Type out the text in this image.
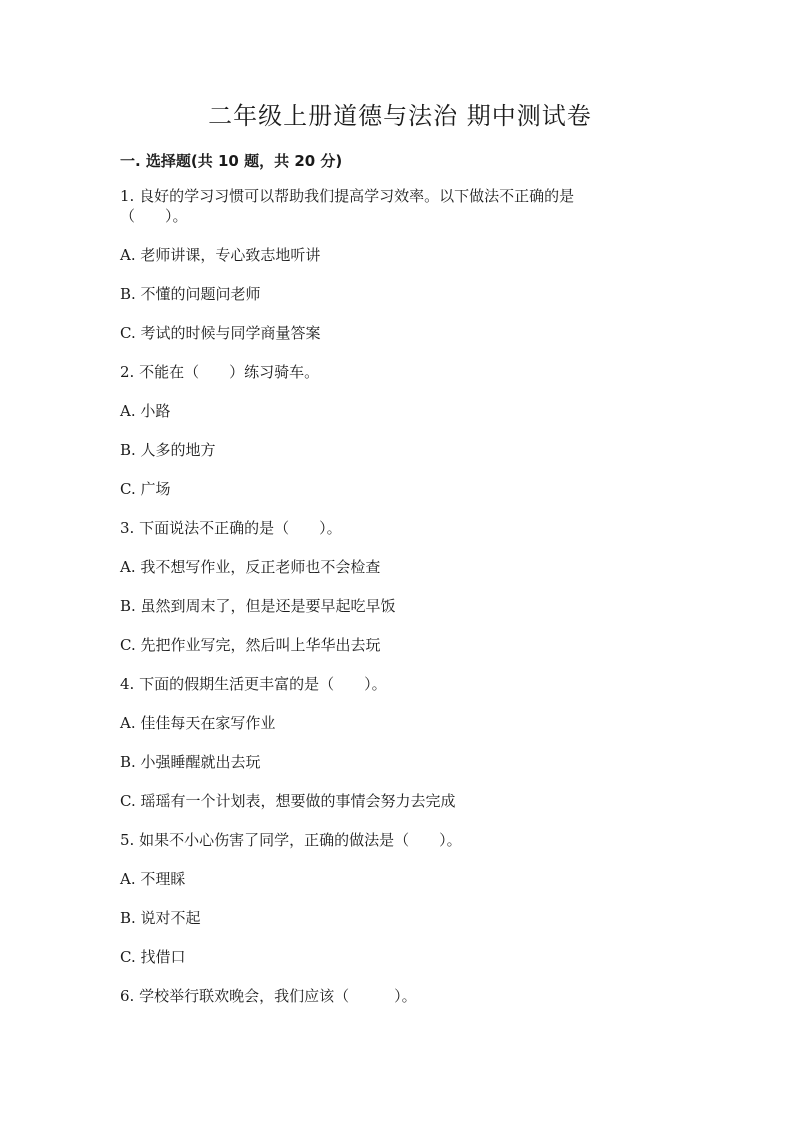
二年级上册道德与法治 期中测试卷
一. 选择题(共 10 题，共 20 分)
1. 良好的学习习惯可以帮助我们提高学习效率。以下做法不正确的是（　　）。
A. 老师讲课，专心致志地听讲
B. 不懂的问题问老师
C. 考试的时候与同学商量答案
2. 不能在（　　）练习骑车。
A. 小路
B. 人多的地方
C. 广场
3. 下面说法不正确的是（　　）。
A. 我不想写作业，反正老师也不会检查
B. 虽然到周末了，但是还是要早起吃早饭
C. 先把作业写完，然后叫上华华出去玩
4. 下面的假期生活更丰富的是（　　）。
A. 佳佳每天在家写作业
B. 小强睡醒就出去玩
C. 瑶瑶有一个计划表，想要做的事情会努力去完成
5. 如果不小心伤害了同学，正确的做法是（　　）。
A. 不理睬
B. 说对不起
C. 找借口
6. 学校举行联欢晚会，我们应该（　　　）。
